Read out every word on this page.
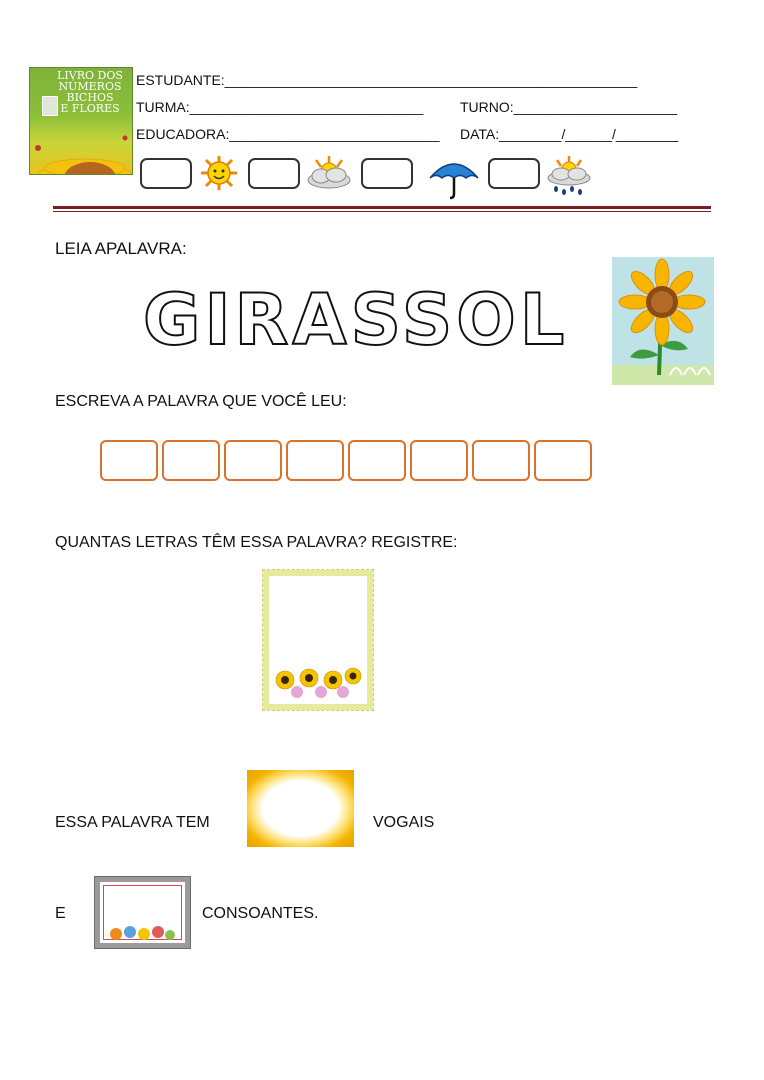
LIVRO DOS
NÚMEROS
BICHOS
E FLORES
ESTUDANTE:_____________________________________________________
TURMA:______________________________	TURNO:_____________________
EDUCADORA:___________________________ DATA:________/______/________
LEIA APALAVRA:
GIRASSOL
ESCREVA A PALAVRA QUE VOCÊ LEU:
QUANTAS LETRAS TÊM ESSA PALAVRA? REGISTRE:
ESSA PALAVRA TEM	VOGAIS
E	CONSOANTES.
